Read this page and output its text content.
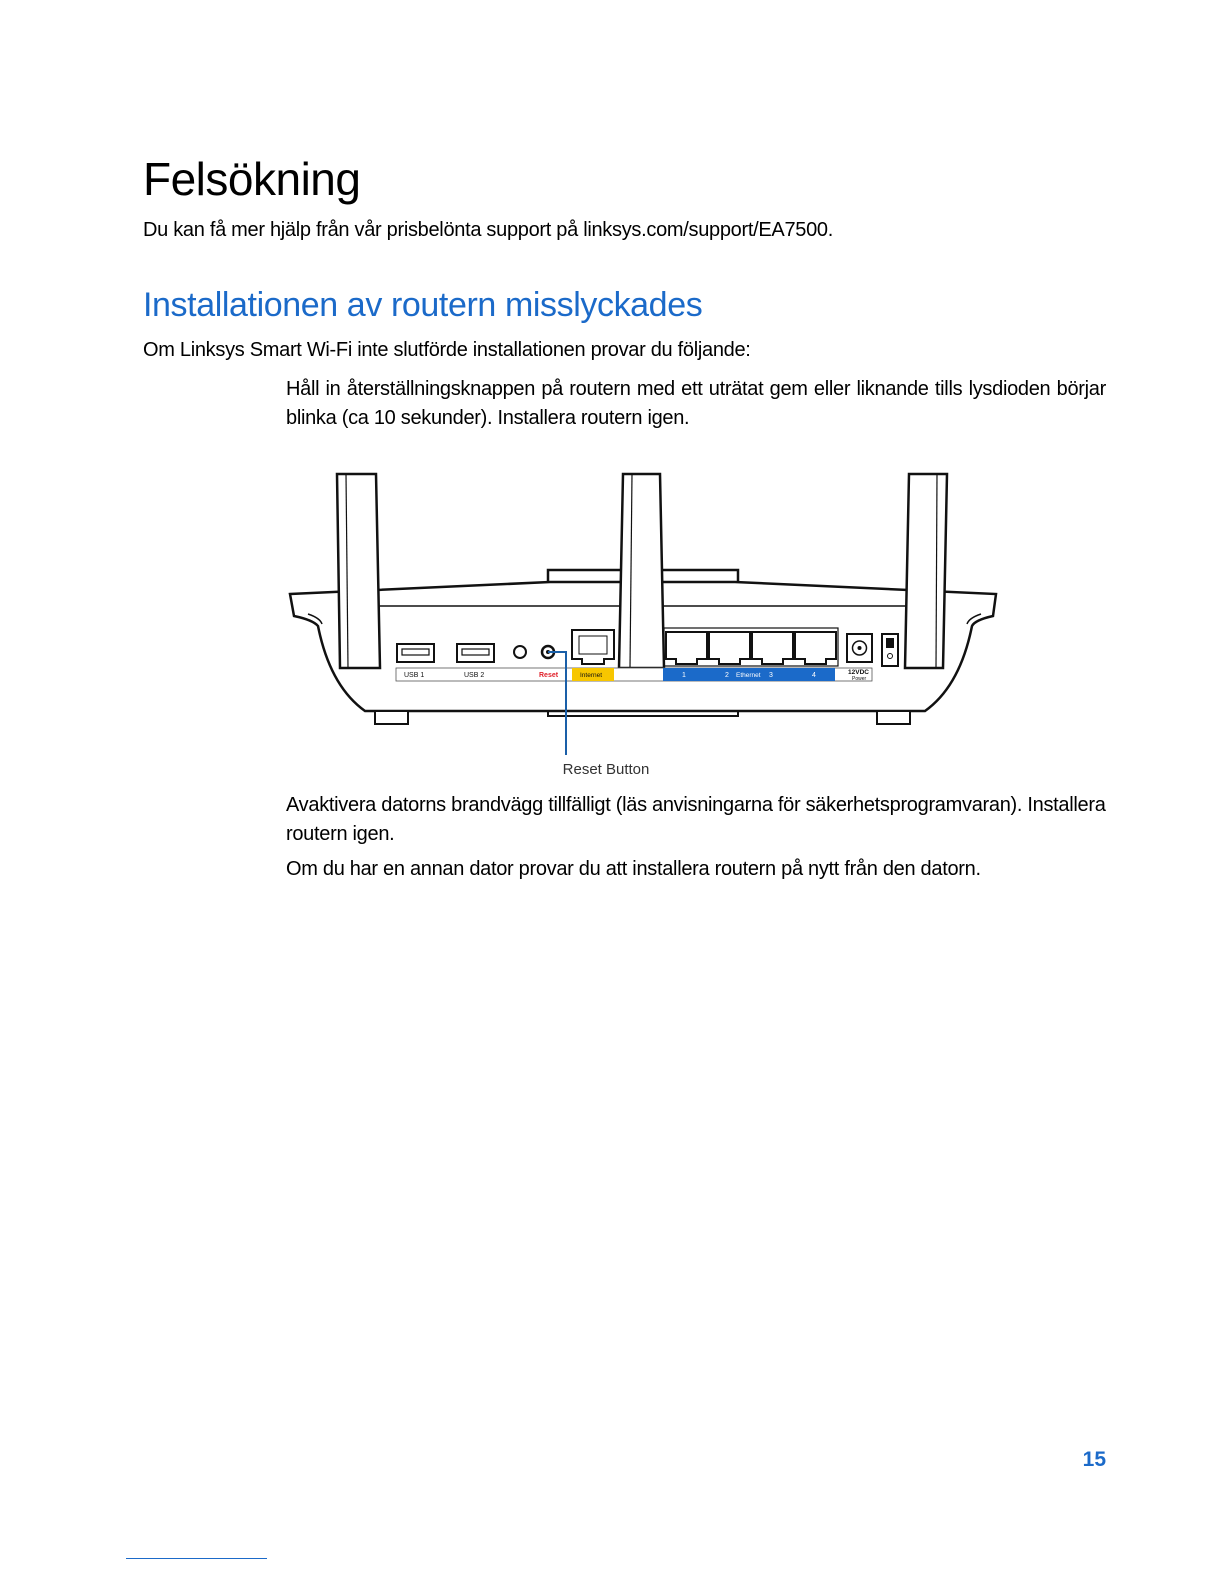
Felsökning

Du kan få mer hjälp från vår prisbelönta support på linksys.com/support/EA7500.

Installationen av routern misslyckades

Om Linksys Smart Wi-Fi inte slutförde installationen provar du följande:

Håll in återställningsknappen på routern med ett uträtat gem eller liknande tills lysdioden börjar blinka (ca 10 sekunder). Installera routern igen.

USB 1	USB 2	Reset	Internet	1	2 Ethernet 3	4	12VDC
Power
Reset Button

Avaktivera datorns brandvägg tillfälligt (läs anvisningarna för säkerhetsprogramvaran). Installera routern igen.

Om du har en annan dator provar du att installera routern på nytt från den datorn.

15
